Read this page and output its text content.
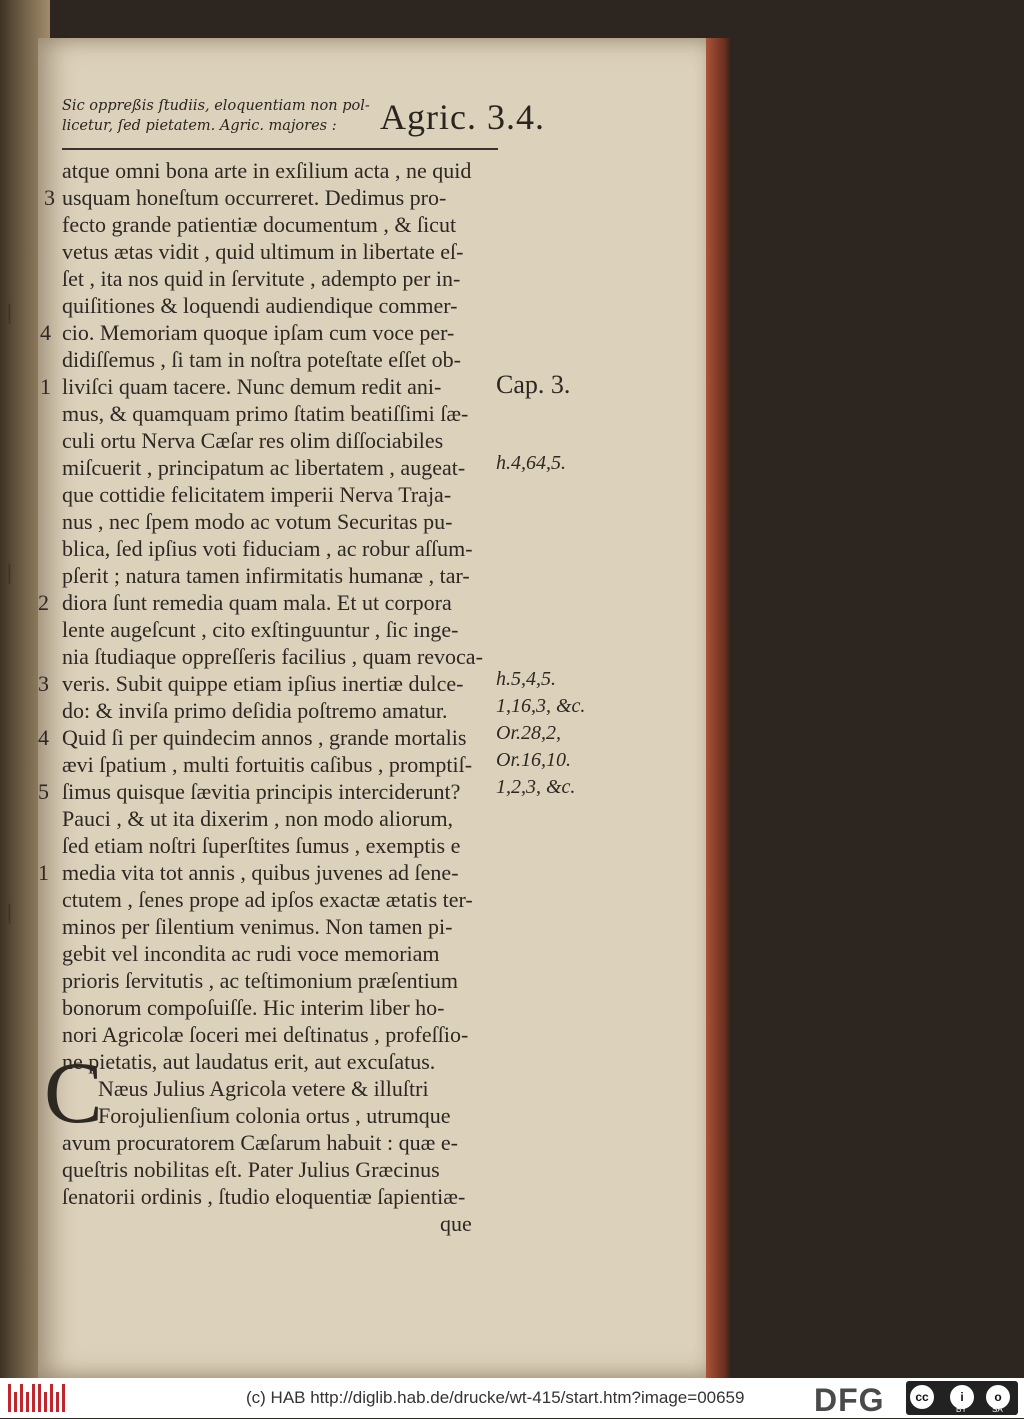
|
|
|
Sic oppreßis ſtudiis, eloquentiam non pol-
licetur, ſed pietatem. Agric. majores :	Agric. 3.4.
atque omni bona arte in exſilium acta , ne quid
usquam honeſtum occurreret. Dedimus pro-
fecto grande patientiæ documentum , & ſicut
vetus ætas vidit , quid ultimum in libertate eſ-
ſet , ita nos quid in ſervitute , adempto per in-
quiſitiones & loquendi audiendique commer-
cio. Memoriam quoque ipſam cum voce per-
didiſſemus , ſi tam in noſtra poteſtate eſſet ob-
liviſci quam tacere. Nunc demum redit ani-
mus, & quamquam primo ſtatim beatiſſimi ſæ-
culi ortu Nerva Cæſar res olim diſſociabiles
miſcuerit , principatum ac libertatem , augeat-
que cottidie felicitatem imperii Nerva Traja-
nus , nec ſpem modo ac votum Securitas pu-
blica, ſed ipſius voti fiduciam , ac robur aſſum-
pſerit ; natura tamen infirmitatis humanæ , tar-
diora ſunt remedia quam mala. Et ut corpora
lente augeſcunt , cito exſtinguuntur , ſic inge-
nia ſtudiaque oppreſſeris facilius , quam revoca-
veris. Subit quippe etiam ipſius inertiæ dulce-
do: & inviſa primo deſidia poſtremo amatur.
Quid ſi per quindecim annos , grande mortalis
ævi ſpatium , multi fortuitis caſibus , promptiſ-
ſimus quisque ſævitia principis interciderunt?
Pauci , & ut ita dixerim , non modo aliorum,
ſed etiam noſtri ſuperſtites ſumus , exemptis e
media vita tot annis , quibus juvenes ad ſene-
ctutem , ſenes prope ad ipſos exactæ ætatis ter-
minos per ſilentium venimus. Non tamen pi-
gebit vel incondita ac rudi voce memoriam
prioris ſervitutis , ac teſtimonium præſentium
bonorum compoſuiſſe. Hic interim liber ho-
nori Agricolæ ſoceri mei deſtinatus , profeſſio-
ne pietatis, aut laudatus erit, aut excuſatus.
C
Næus Julius Agricola vetere & illuſtri
Forojulienſium colonia ortus , utrumque
avum procuratorem Cæſarum habuit : quæ e-
queſtris nobilitas eſt. Pater Julius Græcinus
ſenatorii ordinis , ſtudio eloquentiæ ſapientiæ-
que
3
4
1
2
3
4
5
1
Cap. 3.
h.4,64,5.
h.5,4,5.
1,16,3, &c.
Or.28,2,
Or.16,10.
1,2,3, &c.
(c) HAB http://diglib.hab.de/drucke/wt-415/start.htm?image=00659 DFG	cc	i	o
BY	SA
